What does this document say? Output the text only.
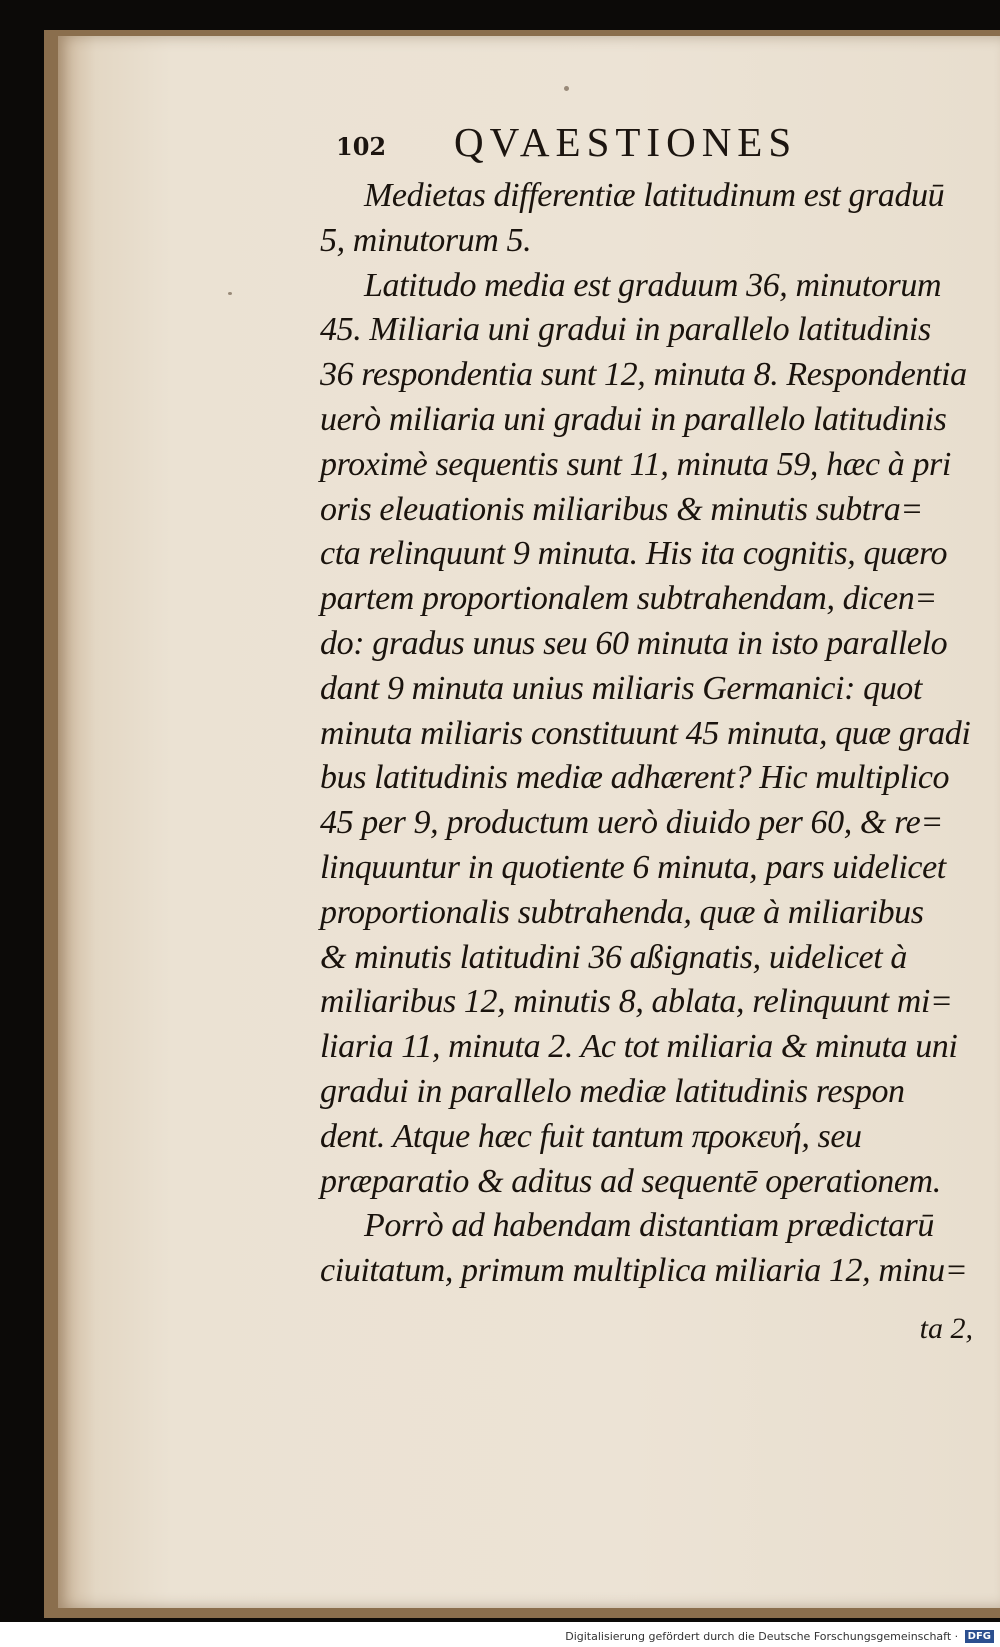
102 QVAESTIONES
Medietas differentiæ latitudinum est graduū
5, minutorum 5.
Latitudo media est graduum 36, minutorum
45. Miliaria uni gradui in parallelo latitudinis
36 respondentia sunt 12, minuta 8. Respondentia
uerò miliaria uni gradui in parallelo latitudinis
proximè sequentis sunt 11, minuta 59, hæc à pri
oris eleuationis miliaribus & minutis subtra=
cta relinquunt 9 minuta. His ita cognitis, quæro
partem proportionalem subtrahendam, dicen=
do: gradus unus seu 60 minuta in isto parallelo
dant 9 minuta unius miliaris Germanici: quot
minuta miliaris constituunt 45 minuta, quæ gradi
bus latitudinis mediæ adhærent? Hic multiplico
45 per 9, productum uerò diuido per 60, & re=
linquuntur in quotiente 6 minuta, pars uidelicet
proportionalis subtrahenda, quæ à miliaribus
& minutis latitudini 36 aßignatis, uidelicet à
miliaribus 12, minutis 8, ablata, relinquunt mi=
liaria 11, minuta 2. Ac tot miliaria & minuta uni
gradui in parallelo mediæ latitudinis respon
dent. Atque hæc fuit tantum προκευή, seu
præparatio & aditus ad sequentē operationem.
Porrò ad habendam distantiam prædictarū
ciuitatum, primum multiplica miliaria 12, minu=
ta 2,
Digitalisierung gefördert durch die Deutsche Forschungsgemeinschaft · DFG
